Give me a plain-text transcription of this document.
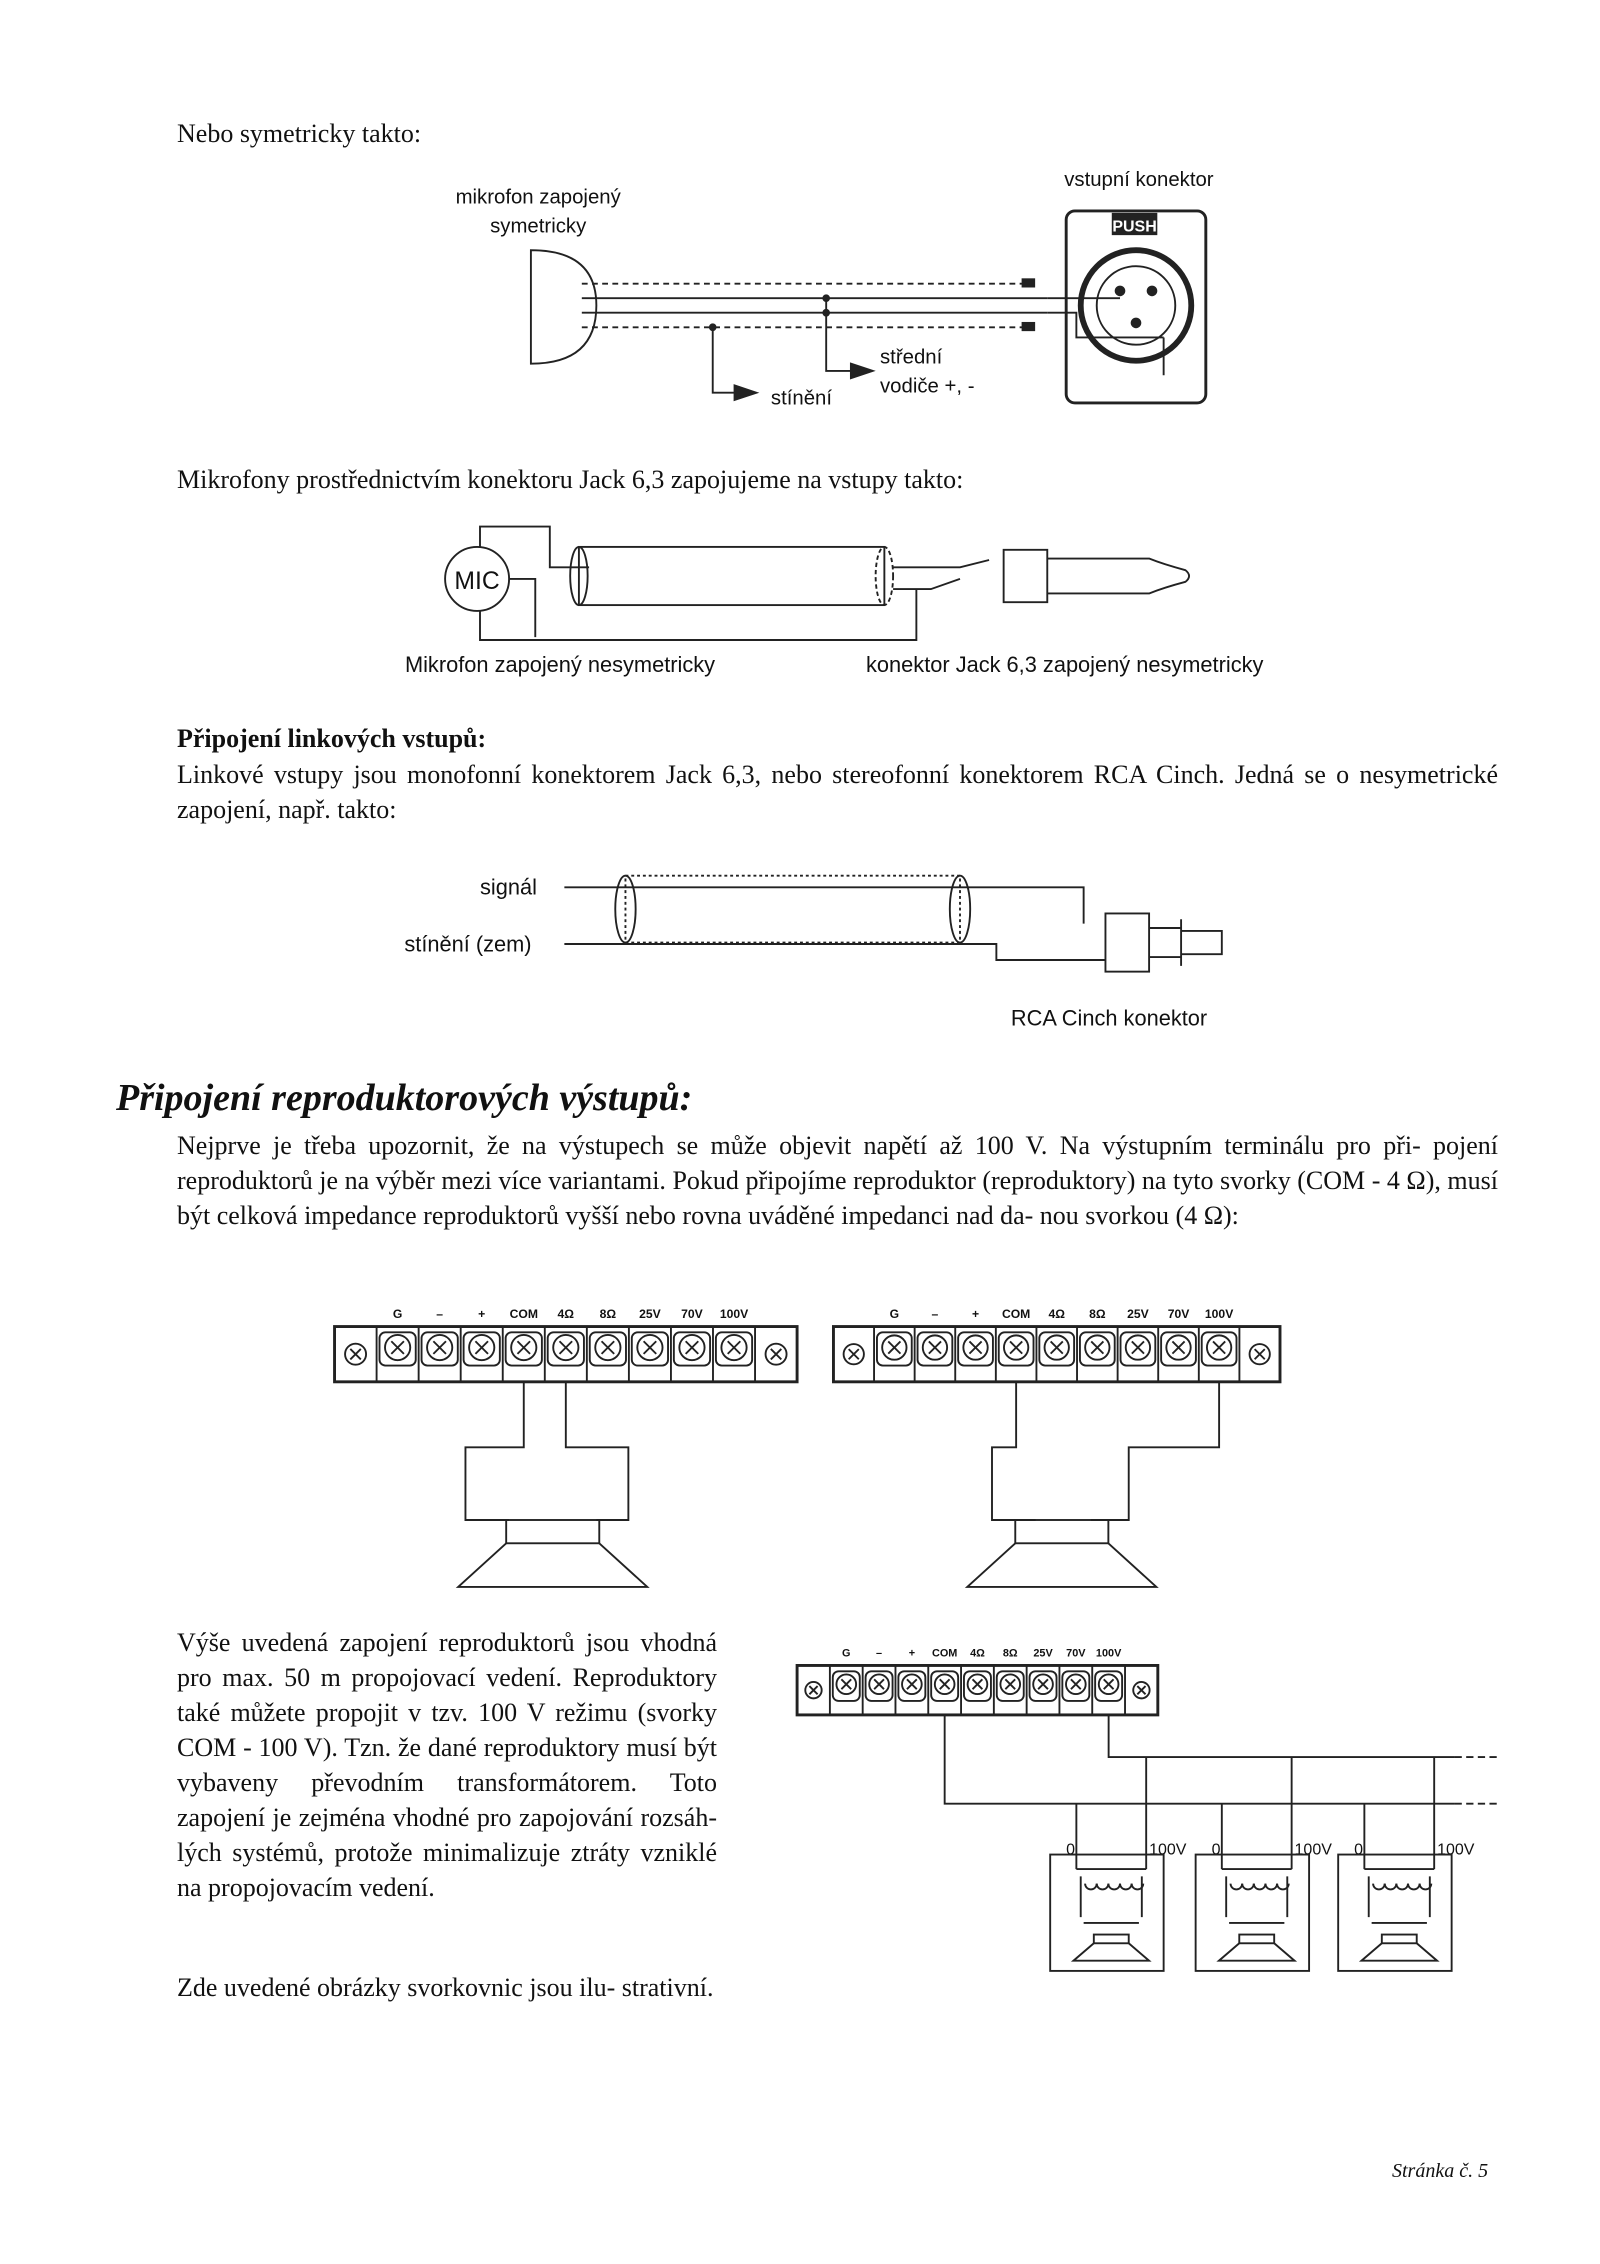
Nebo symetricky takto:
Mikrofony prostřednictvím konektoru Jack 6,3 zapojujeme na vstupy takto:
Připojení linkových vstupů:
Linkové vstupy jsou monofonní konektorem Jack 6,3, nebo stereofonní konektorem RCA Cinch. Jedná se o nesymetrické zapojení, např. takto:
Připojení reproduktorových výstupů:
Nejprve je třeba upozornit, že na výstupech se může objevit napětí až 100 V. Na výstupním terminálu pro při- pojení reproduktorů je na výběr mezi více variantami. Pokud připojíme reproduktor (reproduktory) na tyto svorky (COM - 4 Ω), musí být celková impedance reproduktorů vyšší nebo rovna uváděné impedanci nad da- nou svorkou (4 Ω):
Výše uvedená zapojení reproduktorů jsou vhodná pro max. 50 m propojovací vedení. Reproduktory také můžete propojit v tzv. 100 V režimu (svorky COM - 100 V). Tzn. že dané reproduktory musí být vybaveny převodním transformátorem. Toto zapojení je zejména vhodné pro zapojování rozsáh- lých systémů, protože minimalizuje ztráty vzniklé na propojovacím vedení.
Zde uvedené obrázky svorkovnic jsou ilu- strativní.
Stránka č. 5
mikrofon zapojený
symetricky
střední
vodiče +, -
stínění
vstupní konektor
PUSH
MIC
Mikrofon zapojený nesymetricky	konektor Jack 6,3 zapojený nesymetricky
signál
stínění (zem)
RCA Cinch konektor
G	–	+	COM 4Ω	8Ω	25V 70V 100V	G	–	+	COM 4Ω	8Ω	25V 70V 100V
G	–	+ COM 4Ω 8Ω 25V 70V 100V
0	100V 0	100V 0	100V
